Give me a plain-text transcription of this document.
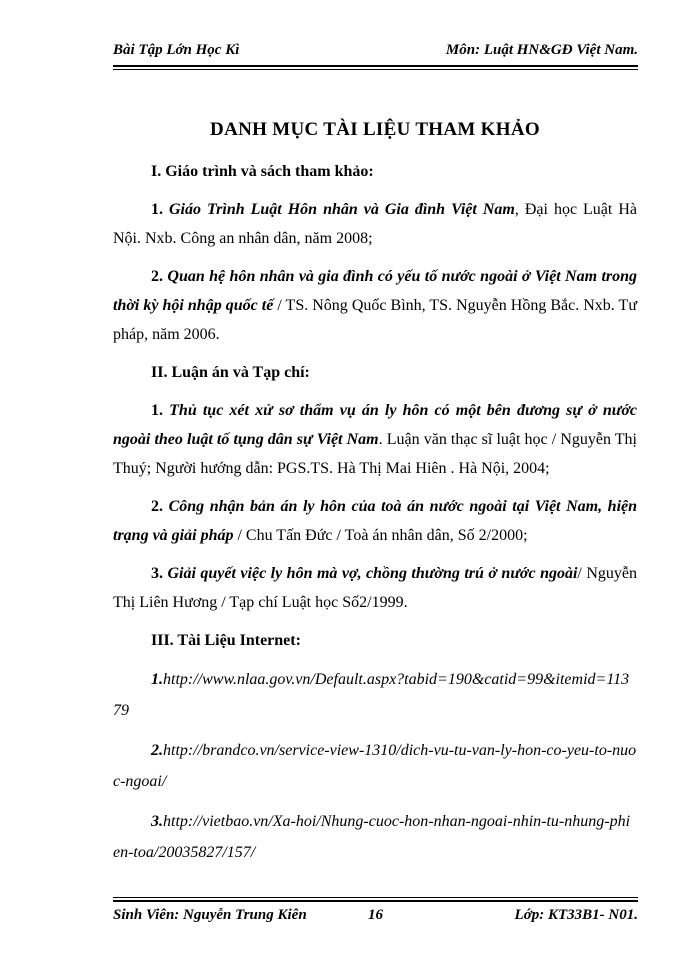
Bài Tập Lớn Học Kì	Môn: Luật HN&GĐ Việt Nam.
DANH MỤC TÀI LIỆU THAM KHẢO
I. Giáo trình và sách tham khảo:
1. Giáo Trình Luật Hôn nhân và Gia đình Việt Nam, Đại học Luật Hà Nội. Nxb. Công an nhân dân, năm 2008;
2. Quan hệ hôn nhân và gia đình có yếu tố nước ngoài ở Việt Nam trong thời kỳ hội nhập quốc tế / TS. Nông Quốc Bình, TS. Nguyễn Hồng Bắc. Nxb. Tư pháp, năm 2006.
II. Luận án và Tạp chí:
1. Thủ tục xét xử sơ thẩm vụ án ly hôn có một bên đương sự ở nước ngoài theo luật tố tụng dân sự Việt Nam. Luận văn thạc sĩ luật học / Nguyễn Thị Thuý; Người hướng dẫn: PGS.TS. Hà Thị Mai Hiên . Hà Nội, 2004;
2. Công nhận bản án ly hôn của toà án nước ngoài tại Việt Nam, hiện trạng và giải pháp / Chu Tấn Đức / Toà án nhân dân, Số 2/2000;
3. Giải quyết việc ly hôn mà vợ, chồng thường trú ở nước ngoài/ Nguyễn Thị Liên Hương / Tạp chí Luật học Số2/1999.
III. Tài Liệu Internet:
1.http://www.nlaa.gov.vn/Default.aspx?tabid=190&catid=99&itemid=11379
2.http://brandco.vn/service-view-1310/dich-vu-tu-van-ly-hon-co-yeu-to-nuoc-ngoai/
3.http://vietbao.vn/Xa-hoi/Nhung-cuoc-hon-nhan-ngoai-nhin-tu-nhung-phien-toa/20035827/157/
Sinh Viên: Nguyễn Trung Kiên	16	Lớp: KT33B1- N01.
